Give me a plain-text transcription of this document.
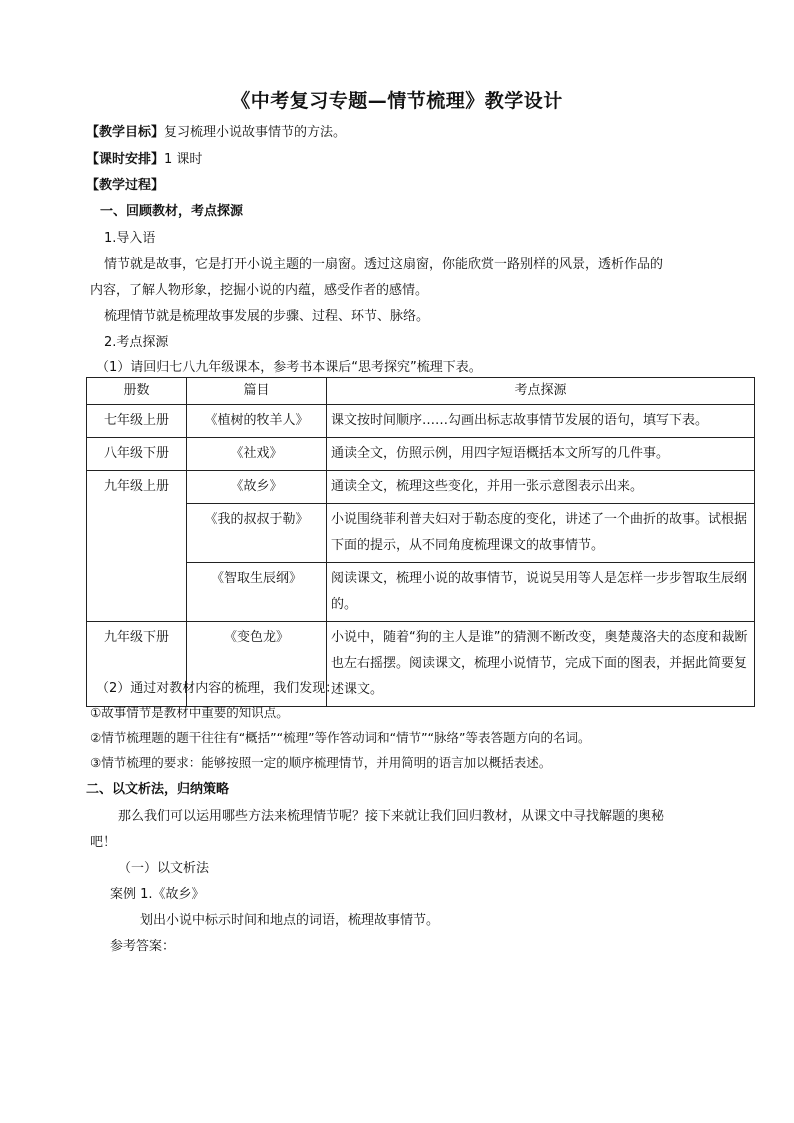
《中考复习专题—情节梳理》教学设计
【教学目标】复习梳理小说故事情节的方法。
【课时安排】1 课时
【教学过程】
一、回顾教材，考点探源
1.导入语
情节就是故事，它是打开小说主题的一扇窗。透过这扇窗，你能欣赏一路别样的风景，透析作品的
内容，了解人物形象，挖掘小说的内蕴，感受作者的感情。
梳理情节就是梳理故事发展的步骤、过程、环节、脉络。
2.考点探源
（1）请回归七八九年级课本，参考书本课后“思考探究”梳理下表。
册数	篇目	考点探源
七年级上册	《植树的牧羊人》	课文按时间顺序……勾画出标志故事情节发展的语句，填写下表。
八年级下册	《社戏》	通读全文，仿照示例，用四字短语概括本文所写的几件事。
九年级上册	《故乡》	通读全文，梳理这些变化，并用一张示意图表示出来。
	《我的叔叔于勒》	小说围绕菲利普夫妇对于勒态度的变化，讲述了一个曲折的故事。试根据下面的提示，从不同角度梳理课文的故事情节。
	《智取生辰纲》	阅读课文，梳理小说的故事情节，说说吴用等人是怎样一步步智取生辰纲的。
九年级下册	《变色龙》	小说中，随着“狗的主人是谁”的猜测不断改变，奥楚蔑洛夫的态度和裁断也左右摇摆。阅读课文，梳理小说情节，完成下面的图表，并据此简要复述课文。
（2）通过对教材内容的梳理，我们发现：
①故事情节是教材中重要的知识点。
②情节梳理题的题干往往有“概括”“梳理”等作答动词和“情节”“脉络”等表答题方向的名词。
③情节梳理的要求：能够按照一定的顺序梳理情节，并用简明的语言加以概括表述。
二、以文析法，归纳策略
那么我们可以运用哪些方法来梳理情节呢？接下来就让我们回归教材，从课文中寻找解题的奥秘
吧！
（一）以文析法
案例 1.《故乡》
划出小说中标示时间和地点的词语，梳理故事情节。
参考答案：
